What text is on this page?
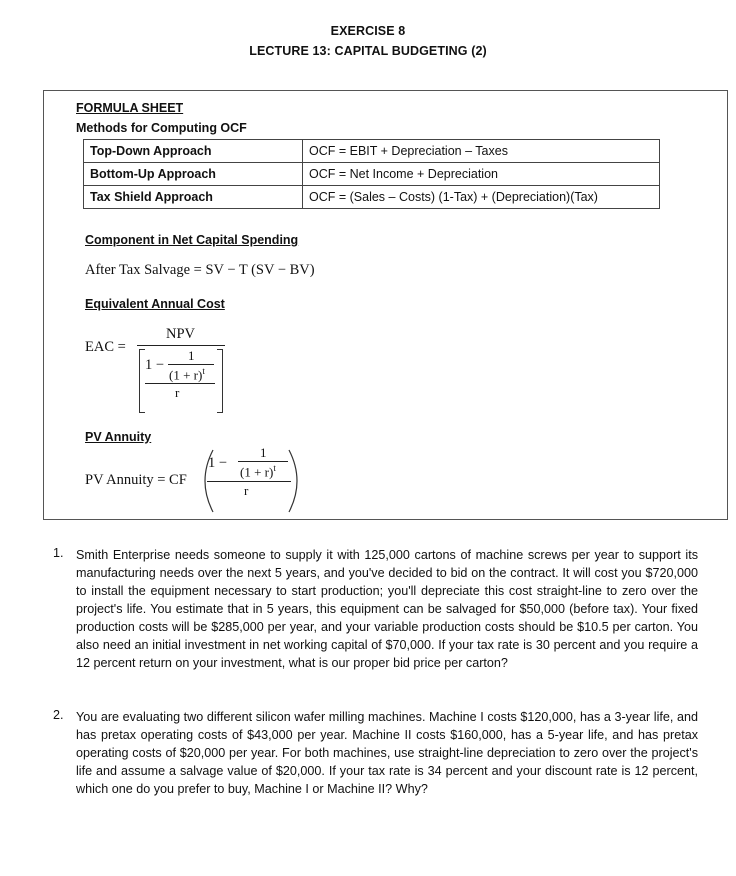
EXERCISE 8
LECTURE 13: CAPITAL BUDGETING (2)
FORMULA SHEET
Methods for Computing OCF
Top-Down Approach	OCF = EBIT + Depreciation – Taxes
Bottom-Up Approach	OCF = Net Income + Depreciation
Tax Shield Approach	OCF = (Sales – Costs) (1-Tax) + (Depreciation)(Tax)
Component in Net Capital Spending
After Tax Salvage = SV − T (SV − BV)
Equivalent Annual Cost
EAC =
NPV
1 −
1
$(1 + r)^t$
r
PV Annuity
PV Annuity = CF
1 −
1
$(1 + r)^t$
r
1. Smith Enterprise needs someone to supply it with 125,000 cartons of machine screws per year to support its manufacturing needs over the next 5 years, and you've decided to bid on the contract. It will cost you $720,000 to install the equipment necessary to start production; you'll depreciate this cost straight-line to zero over the project's life. You estimate that in 5 years, this equipment can be salvaged for $50,000 (before tax). Your fixed production costs will be $285,000 per year, and your variable production costs should be $10.5 per carton. You also need an initial investment in net working capital of $70,000. If your tax rate is 30 percent and you require a 12 percent return on your investment, what is our proper bid price per carton?
2. You are evaluating two different silicon wafer milling machines. Machine I costs $120,000, has a 3-year life, and has pretax operating costs of $43,000 per year. Machine II costs $160,000, has a 5-year life, and has pretax operating costs of $20,000 per year. For both machines, use straight-line depreciation to zero over the project's life and assume a salvage value of $20,000. If your tax rate is 34 percent and your discount rate is 12 percent, which one do you prefer to buy, Machine I or Machine II? Why?
